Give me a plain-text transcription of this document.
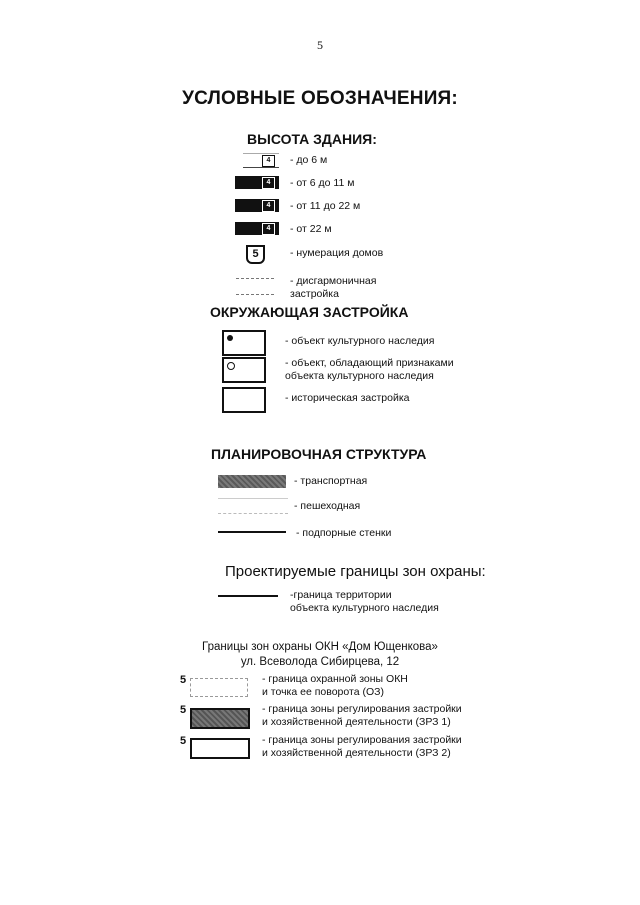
5
УСЛОВНЫЕ ОБОЗНАЧЕНИЯ:
ВЫСОТА ЗДАНИЯ:
4	- до 6 м
4	- от 6 до 11 м
4	- от 11 до 22 м
4	- от 22 м
5	- нумерация домов
- дисгармоничная
застройка
ОКРУЖАЮЩАЯ ЗАСТРОЙКА
- объект культурного наследия
- объект, обладающий признаками
объекта культурного наследия
- историческая застройка
ПЛАНИРОВОЧНАЯ СТРУКТУРА
- транспортная
- пешеходная
- подпорные стенки
Проектируемые границы зон охраны:
-граница территории
объекта культурного наследия
Границы зон охраны ОКН «Дом Ющенкова»
ул. Всеволода Сибирцева, 12
5	- граница охранной зоны ОКН
и точка ее поворота (ОЗ)
5	- граница зоны регулирования застройки
и хозяйственной деятельности (ЗРЗ 1)
5	- граница зоны регулирования застройки
и хозяйственной деятельности (ЗРЗ 2)
